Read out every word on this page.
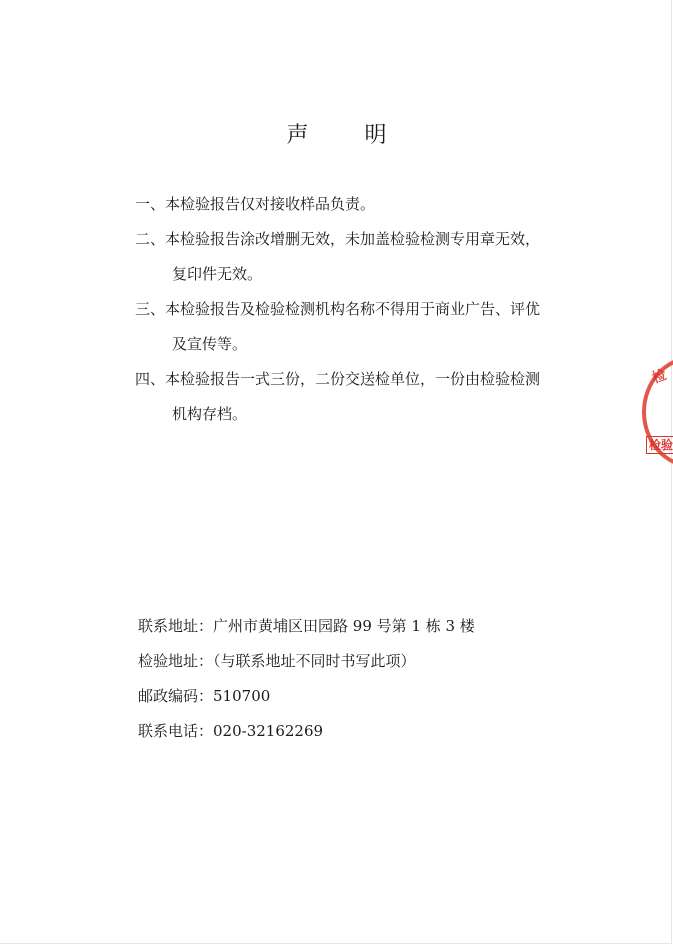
声	明
一、本检验报告仅对接收样品负责。
二、本检验报告涂改增删无效，未加盖检验检测专用章无效，
复印件无效。
三、本检验报告及检验检测机构名称不得用于商业广告、评优
及宣传等。
四、本检验报告一式三份，二份交送检单位，一份由检验检测
机构存档。
联系地址：广州市黄埔区田园路 99 号第 1 栋 3 楼
检验地址：（与联系地址不同时书写此项）
邮政编码：510700
联系电话：020-32162269
检
检验
